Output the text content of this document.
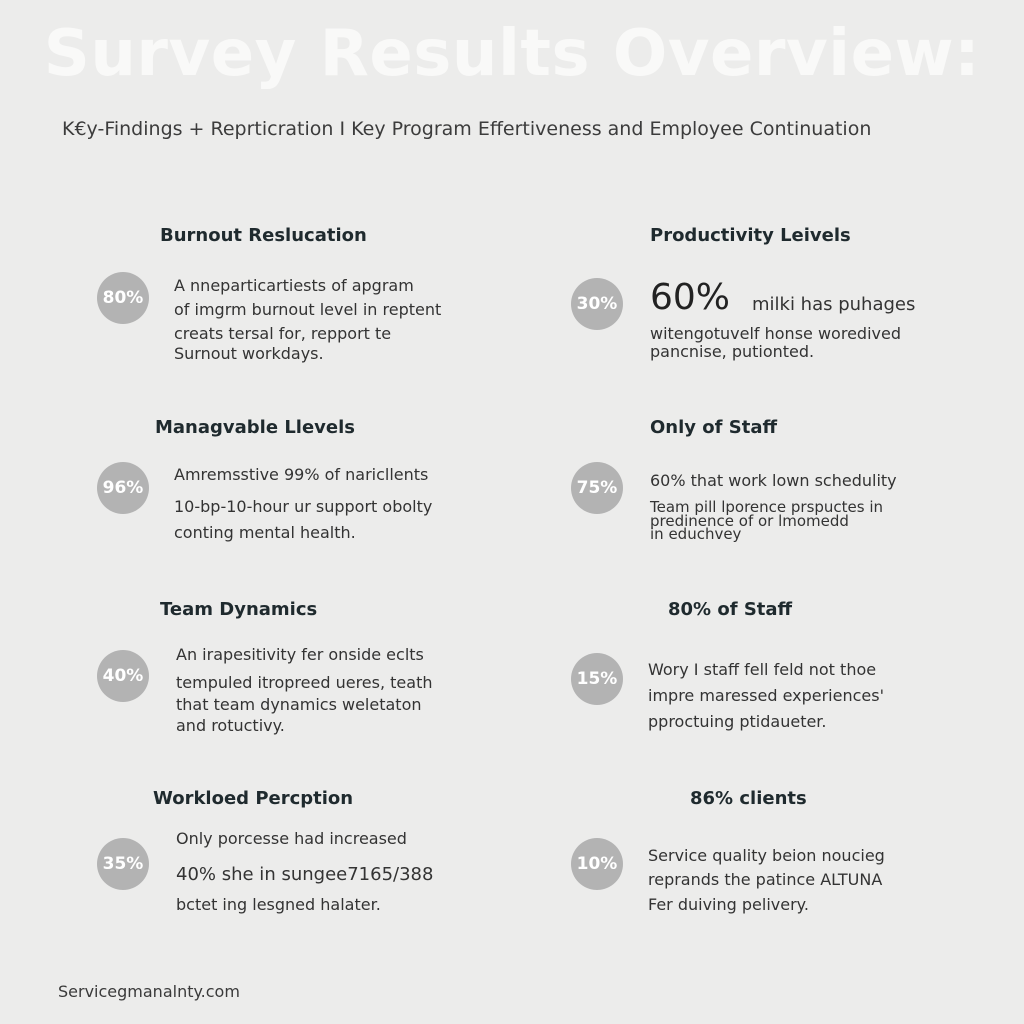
Survey Results Overview:
K€y-Findings + Reprticration I Key Program Effertiveness and Employee Continuation
Burnout Reslucation
80%
A nneparticartiests of apgram
of imgrm burnout level in reptent
creats tersal for, repport te
Surnout workdays.
Managvable Llevels
96%
Amremsstive 99% of naricllents
10-bp-10-hour ur support obolty
conting mental health.
Team Dynamics
40%
An irapesitivity fer onside eclts
tempuled itropreed ueres, teath
that team dynamics weletaton
and rotuctivy.
Workloed Percption
35%
Only porcesse had increased
40% she in sungee7165/388
bctet ing lesgned halater.
Productivity Leivels
30% 60% milki has puhages
witengotuvelf honse woredived
pancnise, putionted.
Only of Staff
75%	60% that work lown schedulity
Team pill lporence prspuctes in
predinence of or lmomedd
in educhvey
80% of Staff
15%	Wory I staff fell feld not thoe
impre maressed experiences'
pproctuing ptidaueter.
86% clients
10%	Service quality beion noucieg
reprands the patince ALTUNA
Fer duiving pelivery.
Servicegmanalnty.com
